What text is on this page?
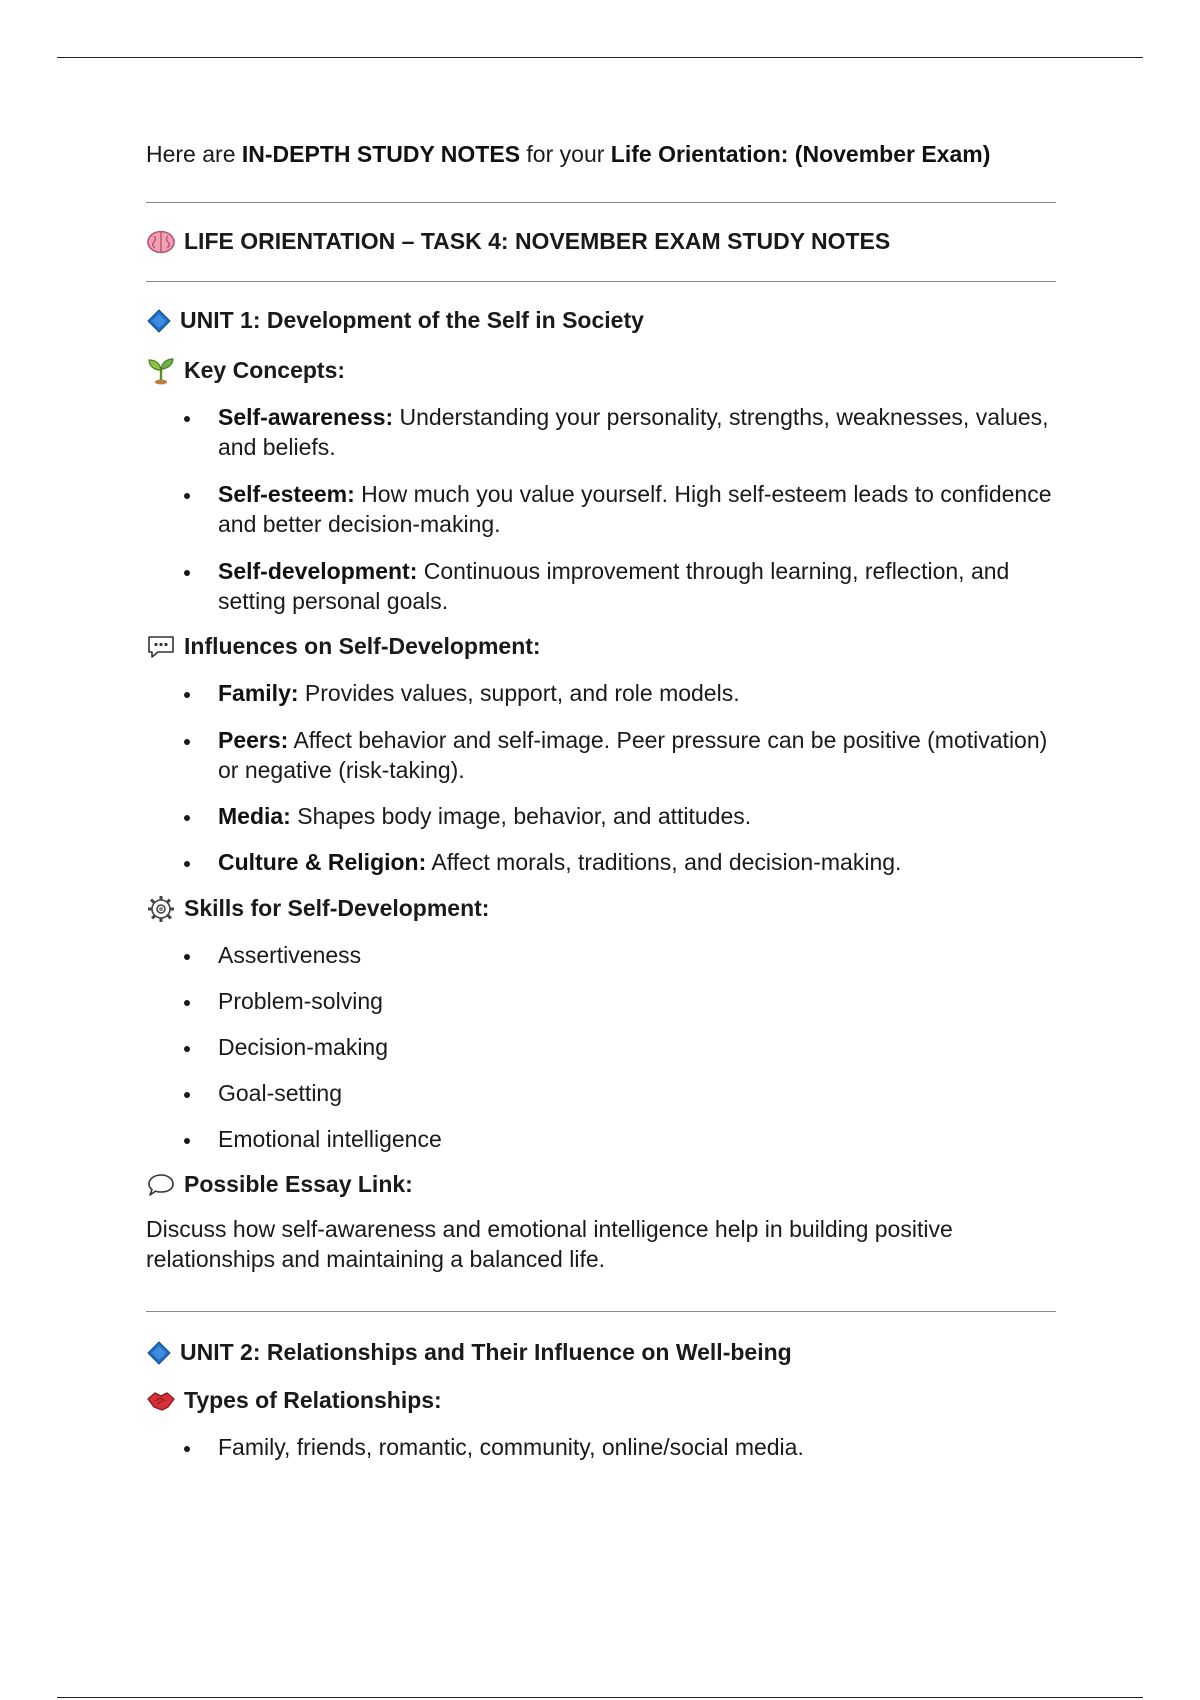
Here are IN-DEPTH STUDY NOTES for your Life Orientation: (November Exam)

LIFE ORIENTATION – TASK 4: NOVEMBER EXAM STUDY NOTES
UNIT 1: Development of the Self in Society
Key Concepts:
Self-awareness: Understanding your personality, strengths, weaknesses, values, and beliefs.
Self-esteem: How much you value yourself. High self-esteem leads to confidence and better decision-making.
Self-development: Continuous improvement through learning, reflection, and setting personal goals.
Influences on Self-Development:
Family: Provides values, support, and role models.
Peers: Affect behavior and self-image. Peer pressure can be positive (motivation) or negative (risk-taking).
Media: Shapes body image, behavior, and attitudes.
Culture & Religion: Affect morals, traditions, and decision-making.
Skills for Self-Development:
Assertiveness
Problem-solving
Decision-making
Goal-setting
Emotional intelligence
Possible Essay Link:

Discuss how self-awareness and emotional intelligence help in building positive relationships and maintaining a balanced life.

UNIT 2: Relationships and Their Influence on Well-being
Types of Relationships:
Family, friends, romantic, community, online/social media.
